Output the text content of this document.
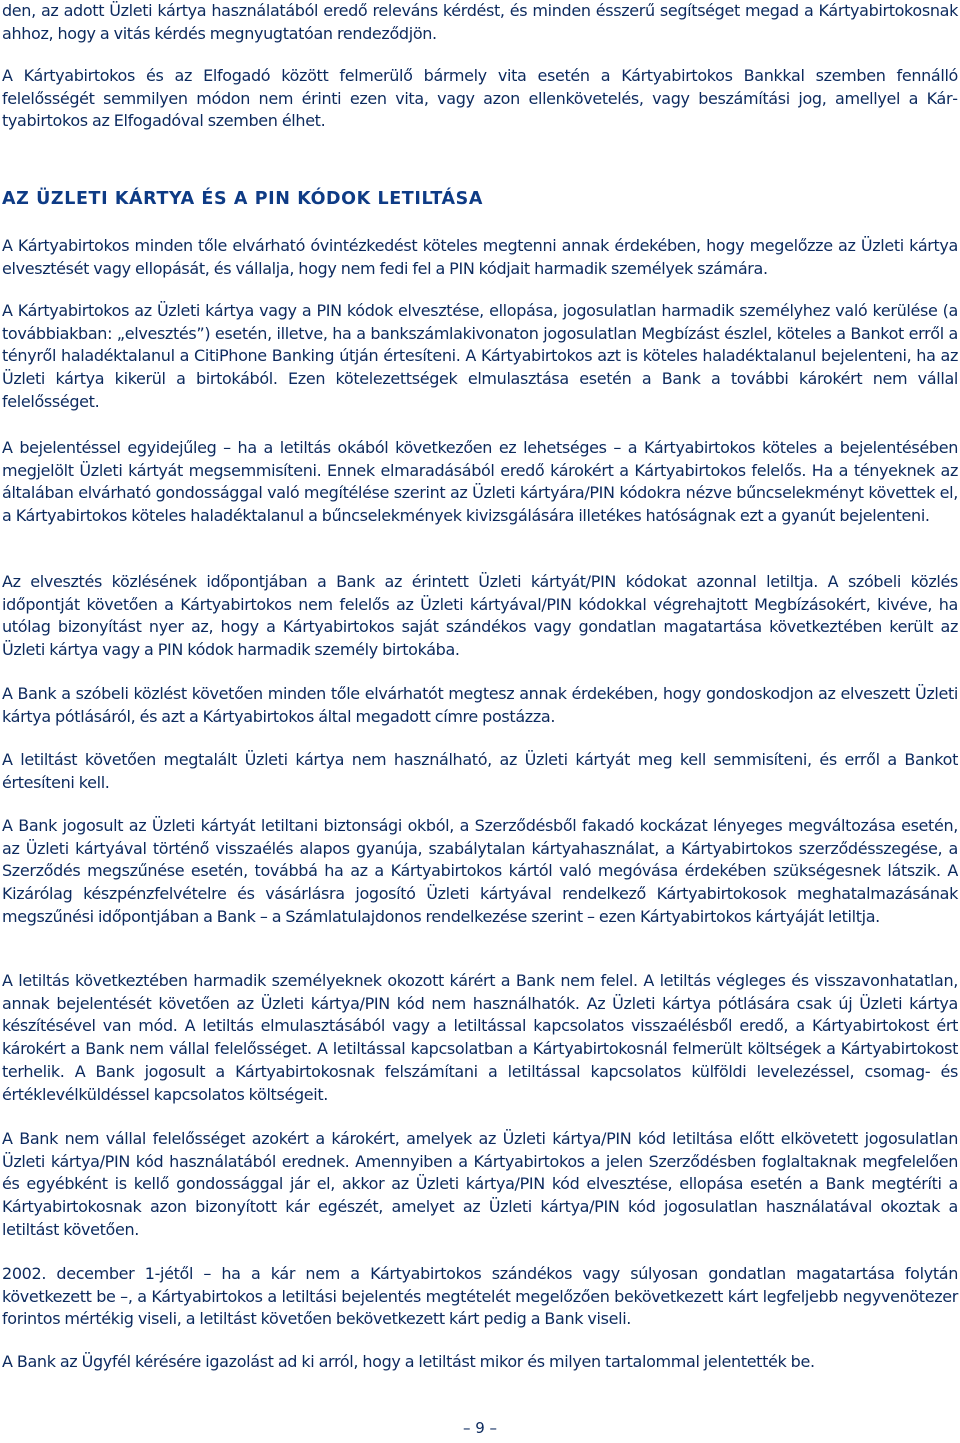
den, az adott Üzleti kártya használatából eredő releváns kérdést, és minden ésszerű segítséget megad a Kártyabirtokosnak ahhoz, hogy a vitás kérdés megnyugtatóan rendeződjön.

A Kártyabirtokos és az Elfogadó között felmerülő bármely vita esetén a Kártyabirtokos Bankkal szemben fennálló felelősségét semmilyen módon nem érinti ezen vita, vagy azon ellenkövetelés, vagy beszámítási jog, amellyel a Kártyabirtokos az Elfogadóval szemben élhet.

AZ ÜZLETI KÁRTYA ÉS A PIN KÓDOK LETILTÁSA

A Kártyabirtokos minden tőle elvárható óvintézkedést köteles megtenni annak érdekében, hogy megelőzze az Üzleti kártya elvesztését vagy ellopását, és vállalja, hogy nem fedi fel a PIN kódjait harmadik személyek számára.

A Kártyabirtokos az Üzleti kártya vagy a PIN kódok elvesztése, ellopása, jogosulatlan harmadik személyhez való kerülése (a továbbiakban: „elvesztés”) esetén, illetve, ha a bankszámlakivonaton jogosulatlan Megbízást észlel, köteles a Bankot erről a tényről haladéktalanul a CitiPhone Banking útján értesíteni. A Kártyabirtokos azt is köteles haladéktalanul bejelenteni, ha az Üzleti kártya kikerül a birtokából. Ezen kötelezettségek elmulasztása esetén a Bank a további károkért nem vállal felelősséget.

A bejelentéssel egyidejűleg – ha a letiltás okából következően ez lehetséges – a Kártyabirtokos köteles a bejelentésében megjelölt Üzleti kártyát megsemmisíteni. Ennek elmaradásából eredő károkért a Kártyabirtokos felelős. Ha a tényeknek az általában elvárható gondossággal való megítélése szerint az Üzleti kártyára/PIN kódokra nézve bűncselekményt követtek el, a Kártyabirtokos köteles haladéktalanul a bűncselekmények kivizsgálására illetékes hatóságnak ezt a gyanút bejelenteni.

Az elvesztés közlésének időpontjában a Bank az érintett Üzleti kártyát/PIN kódokat azonnal letiltja. A szóbeli közlés időpontját követően a Kártyabirtokos nem felelős az Üzleti kártyával/PIN kódokkal végrehajtott Megbízásokért, kivéve, ha utólag bizonyítást nyer az, hogy a Kártyabirtokos saját szándékos vagy gondatlan magatartása következtében került az Üzleti kártya vagy a PIN kódok harmadik személy birtokába.

A Bank a szóbeli közlést követően minden tőle elvárhatót megtesz annak érdekében, hogy gondoskodjon az elveszett Üzleti kártya pótlásáról, és azt a Kártyabirtokos által megadott címre postázza.

A letiltást követően megtalált Üzleti kártya nem használható, az Üzleti kártyát meg kell semmisíteni, és erről a Bankot értesíteni kell.

A Bank jogosult az Üzleti kártyát letiltani biztonsági okból, a Szerződésből fakadó kockázat lényeges megváltozása esetén, az Üzleti kártyával történő visszaélés alapos gyanúja, szabálytalan kártyahasználat, a Kártyabirtokos szerződésszegése, a Szerződés megszűnése esetén, továbbá ha az a Kártyabirtokos kártól való megóvása érdekében szükségesnek látszik. A Kizárólag készpénzfelvételre és vásárlásra jogosító Üzleti kártyával rendelkező Kártyabirtokosok meghatalmazásának megszűnési időpontjában a Bank – a Számlatulajdonos rendelkezése szerint – ezen Kártyabirtokos kártyáját letiltja.

A letiltás következtében harmadik személyeknek okozott kárért a Bank nem felel. A letiltás végleges és visszavonhatatlan, annak bejelentését követően az Üzleti kártya/PIN kód nem használhatók. Az Üzleti kártya pótlására csak új Üzleti kártya készítésével van mód. A letiltás elmulasztásából vagy a letiltással kapcsolatos visszaélésből eredő, a Kártyabirtokost ért károkért a Bank nem vállal felelősséget. A letiltással kapcsolatban a Kártyabirtokosnál felmerült költségek a Kártyabirtokost terhelik. A Bank jogosult a Kártyabirtokosnak felszámítani a letiltással kapcsolatos külföldi levelezéssel, csomag- és értéklevélküldéssel kapcsolatos költségeit.

A Bank nem vállal felelősséget azokért a károkért, amelyek az Üzleti kártya/PIN kód letiltása előtt elkövetett jogosulatlan Üzleti kártya/PIN kód használatából erednek. Amennyiben a Kártyabirtokos a jelen Szerződésben foglaltaknak megfelelően és egyébként is kellő gondossággal jár el, akkor az Üzleti kártya/PIN kód elvesztése, ellopása esetén a Bank megtéríti a Kártyabirtokosnak azon bizonyított kár egészét, amelyet az Üzleti kártya/PIN kód jogosulatlan használatával okoztak a letiltást követően.

2002. december 1-jétől – ha a kár nem a Kártyabirtokos szándékos vagy súlyosan gondatlan magatartása folytán következett be –, a Kártyabirtokos a letiltási bejelentés megtételét megelőzően bekövetkezett kárt legfeljebb negyvenötezer forintos mértékig viseli, a letiltást követően bekövetkezett kárt pedig a Bank viseli.

A Bank az Ügyfél kérésére igazolást ad ki arról, hogy a letiltást mikor és milyen tartalommal jelentették be.

– 9 –
